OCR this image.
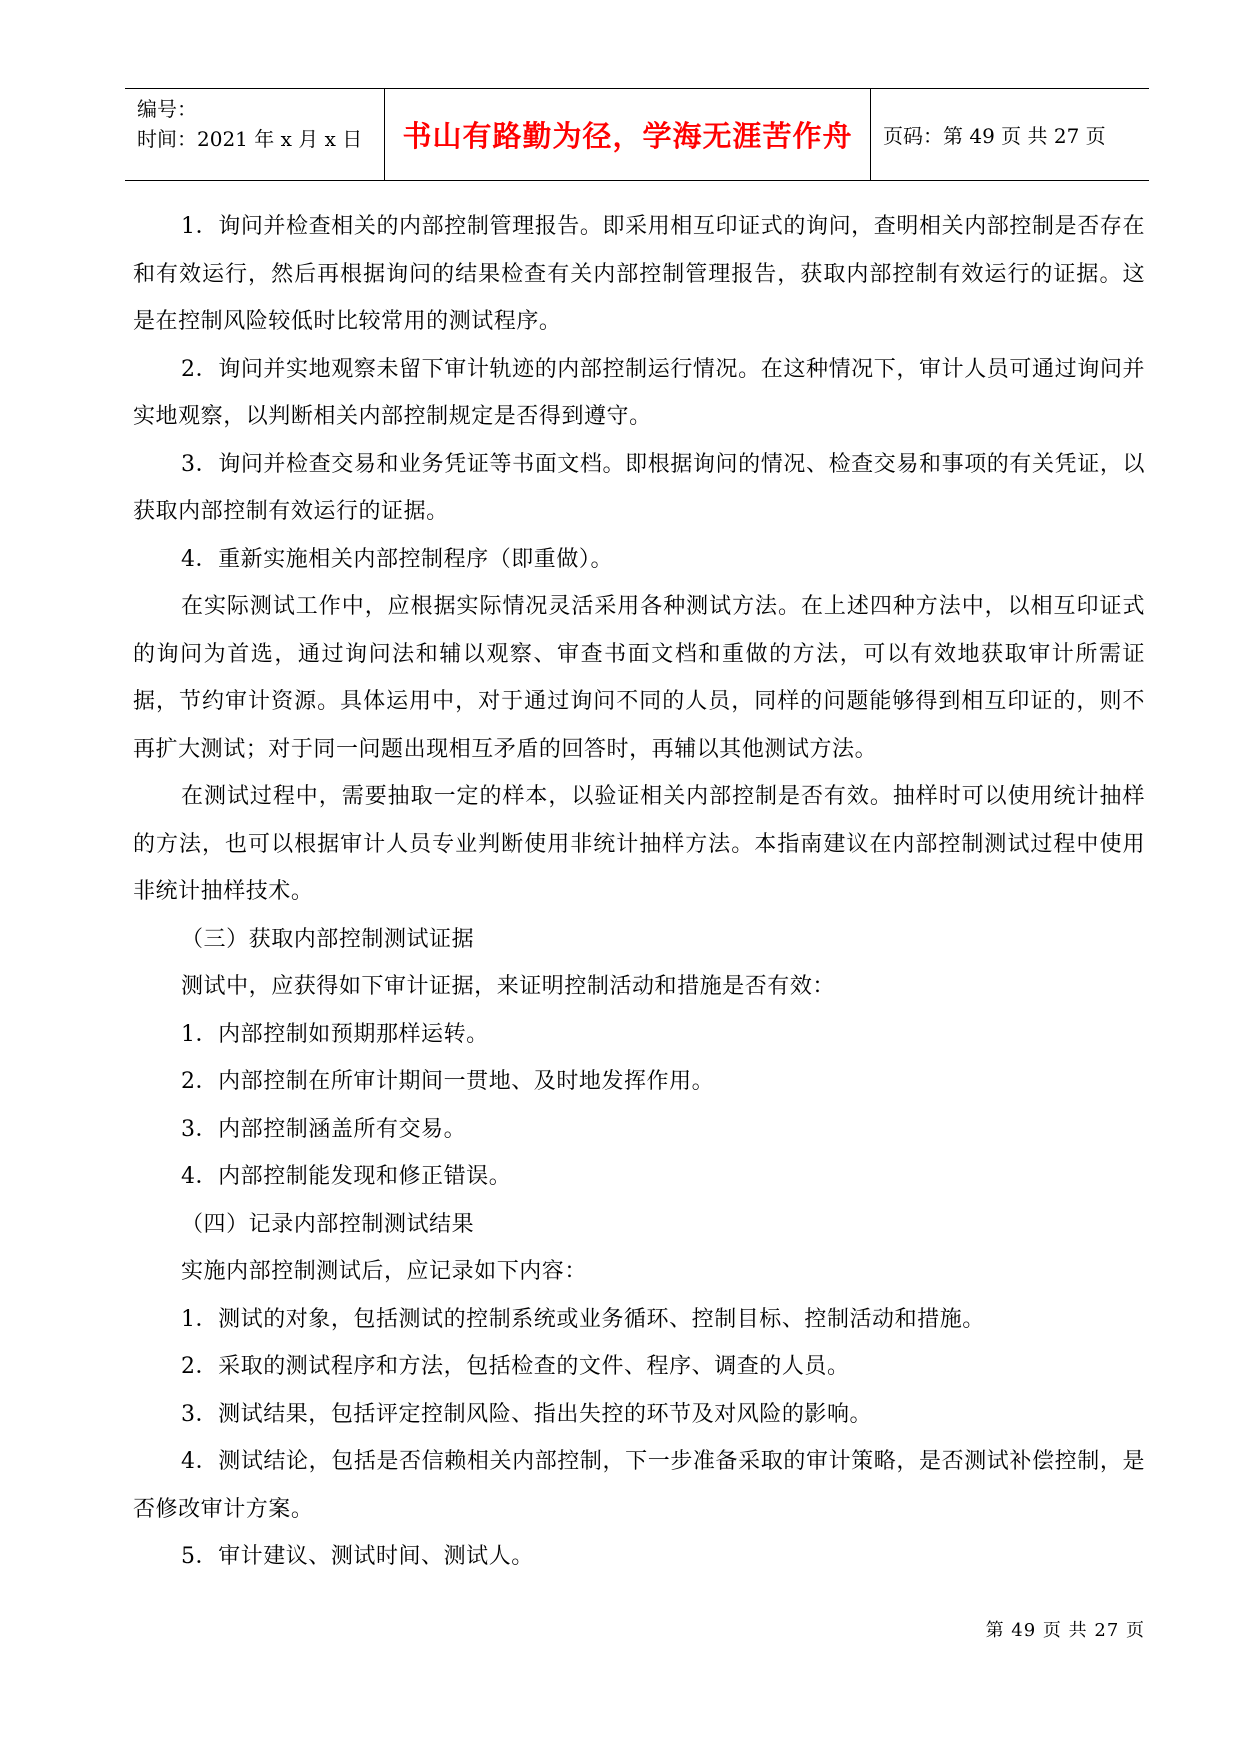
编号：
时间：2021 年 x 月 x 日	书山有路勤为径，学海无涯苦作舟	页码：第 49 页 共 27 页

1．询问并检查相关的内部控制管理报告。即采用相互印证式的询问，查明相关内部控制是否存在和有效运行，然后再根据询问的结果检查有关内部控制管理报告，获取内部控制有效运行的证据。这是在控制风险较低时比较常用的测试程序。

2．询问并实地观察未留下审计轨迹的内部控制运行情况。在这种情况下，审计人员可通过询问并实地观察，以判断相关内部控制规定是否得到遵守。

3．询问并检查交易和业务凭证等书面文档。即根据询问的情况、检查交易和事项的有关凭证，以获取内部控制有效运行的证据。

4．重新实施相关内部控制程序（即重做）。

在实际测试工作中，应根据实际情况灵活采用各种测试方法。在上述四种方法中，以相互印证式的询问为首选，通过询问法和辅以观察、审查书面文档和重做的方法，可以有效地获取审计所需证据，节约审计资源。具体运用中，对于通过询问不同的人员，同样的问题能够得到相互印证的，则不再扩大测试；对于同一问题出现相互矛盾的回答时，再辅以其他测试方法。

在测试过程中，需要抽取一定的样本，以验证相关内部控制是否有效。抽样时可以使用统计抽样的方法，也可以根据审计人员专业判断使用非统计抽样方法。本指南建议在内部控制测试过程中使用非统计抽样技术。

（三）获取内部控制测试证据

测试中，应获得如下审计证据，来证明控制活动和措施是否有效：

1．内部控制如预期那样运转。

2．内部控制在所审计期间一贯地、及时地发挥作用。

3．内部控制涵盖所有交易。

4．内部控制能发现和修正错误。

（四）记录内部控制测试结果

实施内部控制测试后，应记录如下内容：

1．测试的对象，包括测试的控制系统或业务循环、控制目标、控制活动和措施。

2．采取的测试程序和方法，包括检查的文件、程序、调查的人员。

3．测试结果，包括评定控制风险、指出失控的环节及对风险的影响。

4．测试结论，包括是否信赖相关内部控制，下一步准备采取的审计策略，是否测试补偿控制，是否修改审计方案。

5．审计建议、测试时间、测试人。

第 49 页 共 27 页
